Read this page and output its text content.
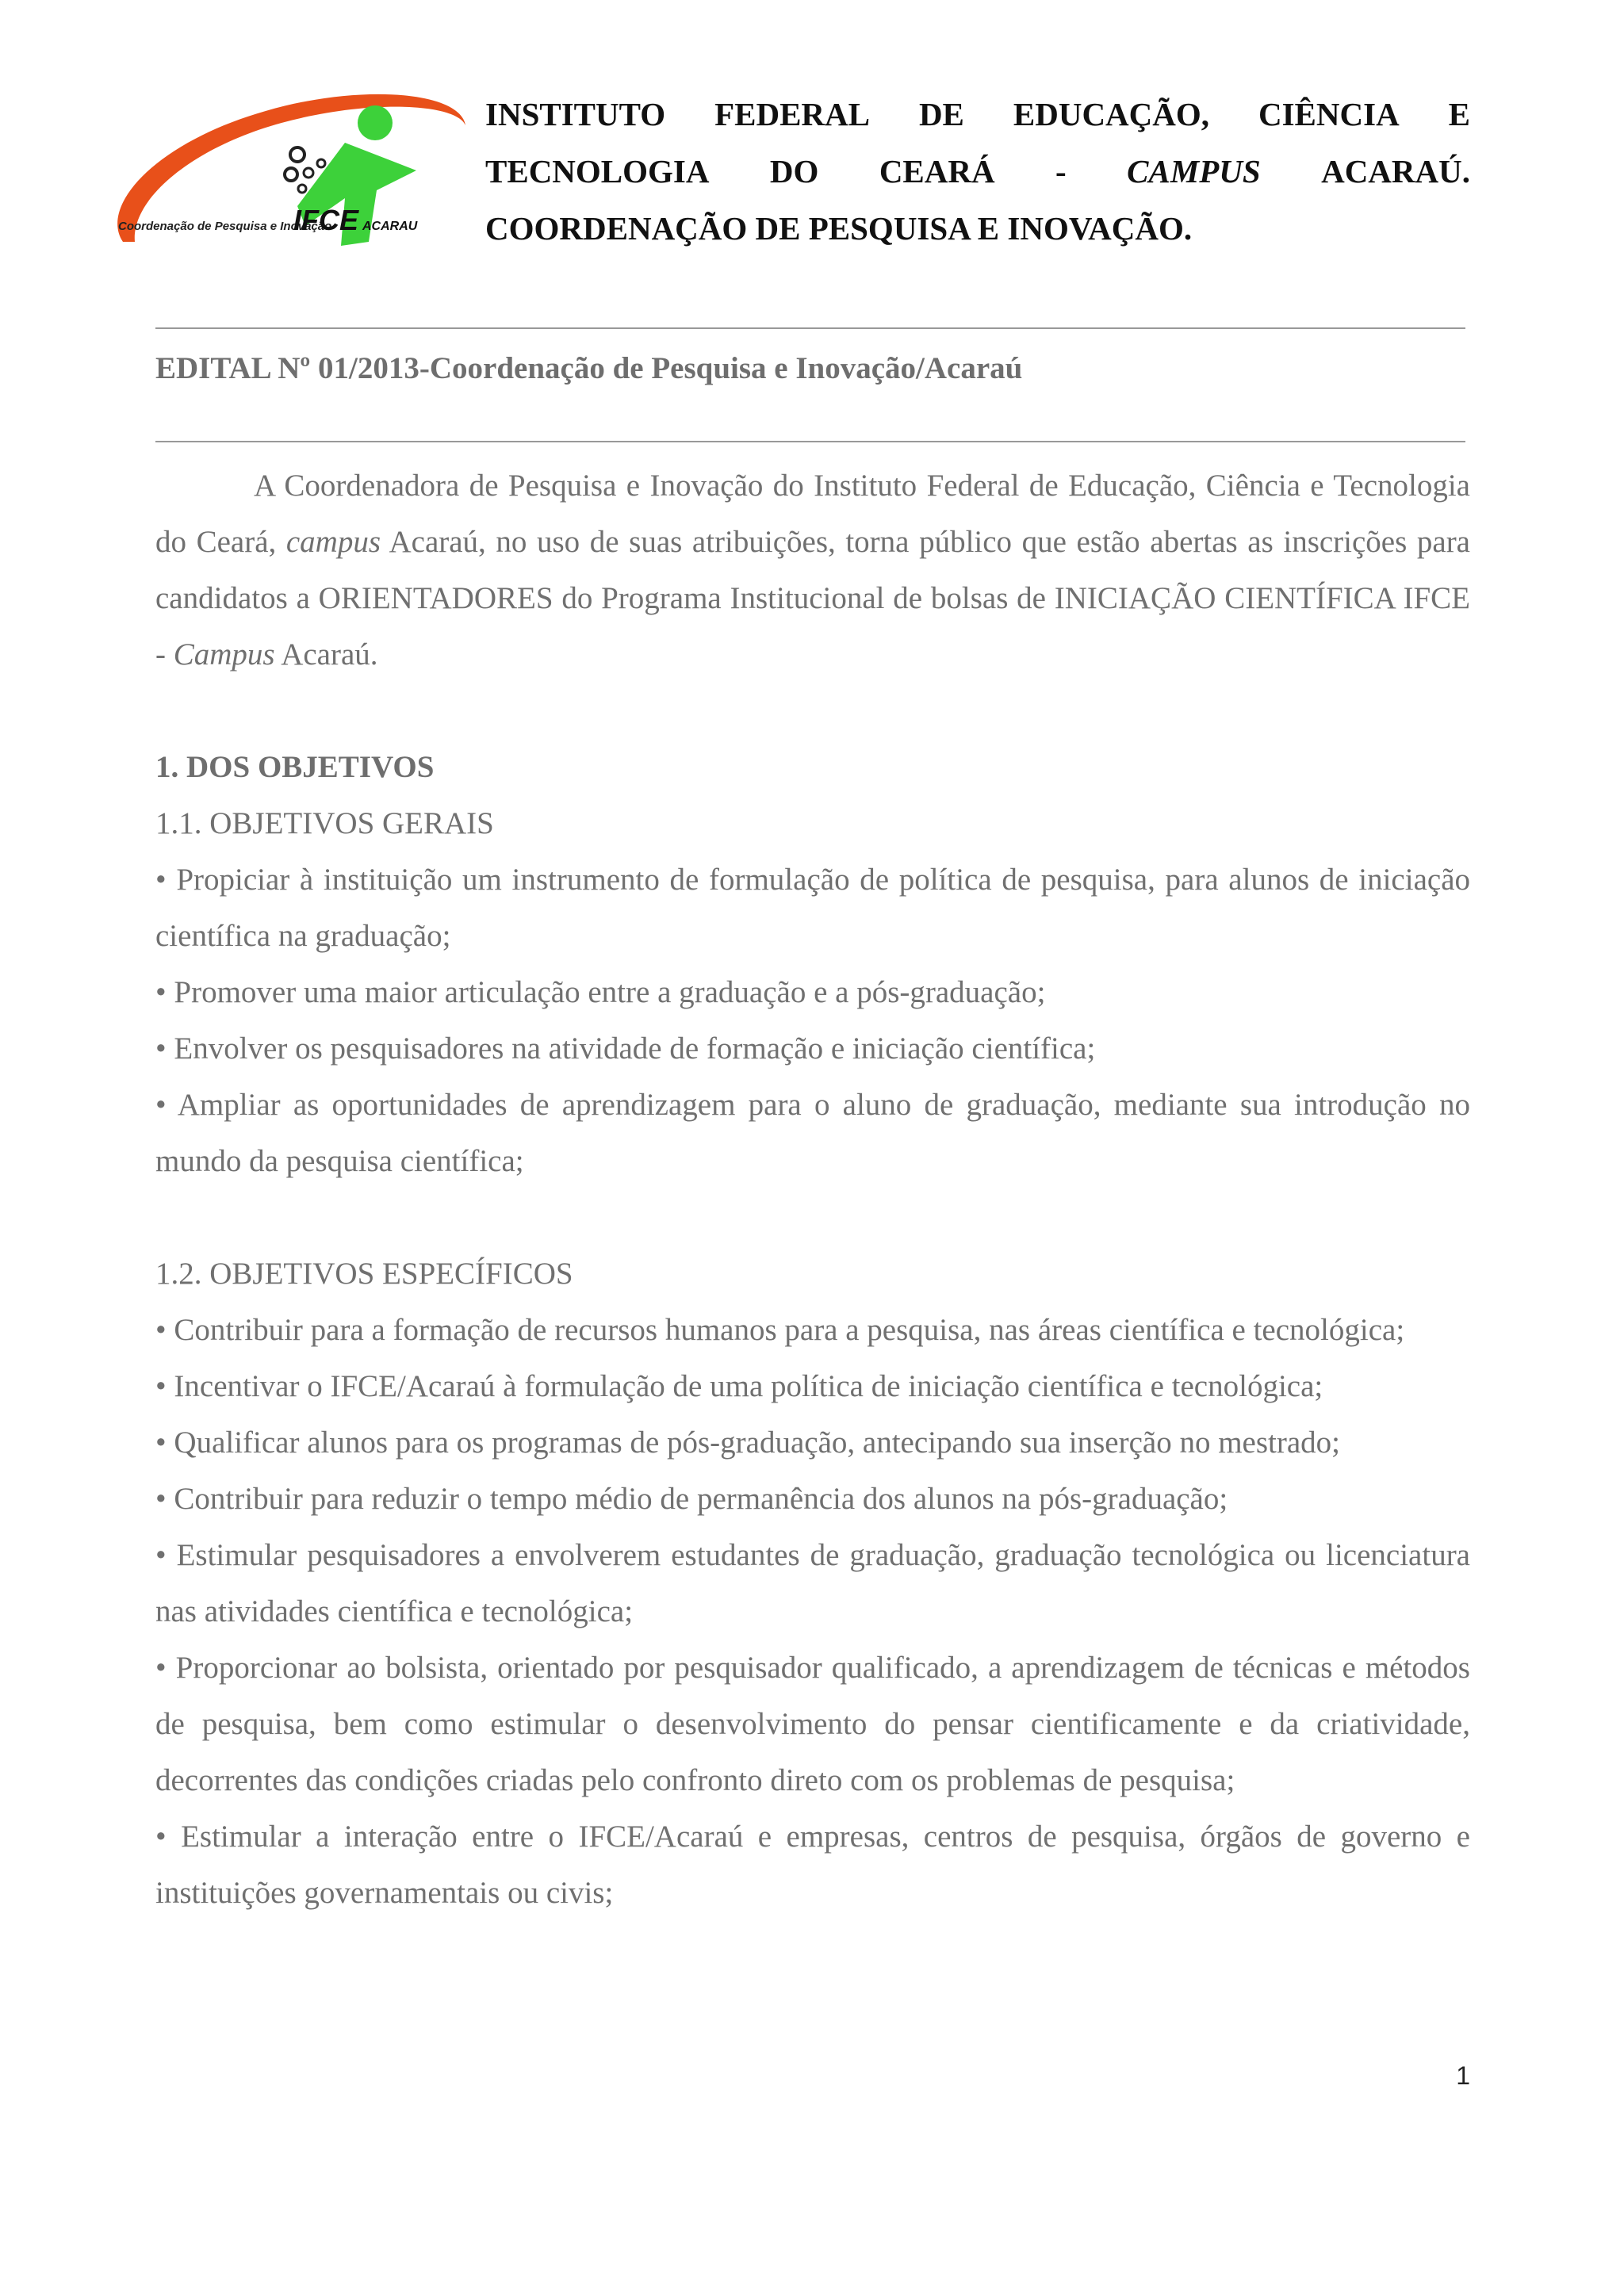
Coordenação de Pesquisa e Inovação
IFCE ACARAU
INSTITUTO FEDERAL DE EDUCAÇÃO, CIÊNCIA E
TECNOLOGIA DO CEARÁ - CAMPUS ACARAÚ.
COORDENAÇÃO DE PESQUISA E INOVAÇÃO.
EDITAL Nº 01/2013-Coordenação de Pesquisa e Inovação/Acaraú
A Coordenadora de Pesquisa e Inovação do Instituto Federal de Educação, Ciência e Tecnologia do Ceará, campus Acaraú, no uso de suas atribuições, torna público que estão abertas as inscrições para candidatos a ORIENTADORES do Programa Institucional de bolsas de INICIAÇÃO CIENTÍFICA IFCE - Campus Acaraú.

1. DOS OBJETIVOS

1.1. OBJETIVOS GERAIS

• Propiciar à instituição um instrumento de formulação de política de pesquisa, para alunos de iniciação científica na graduação;

• Promover uma maior articulação entre a graduação e a pós-graduação;

• Envolver os pesquisadores na atividade de formação e iniciação científica;

• Ampliar as oportunidades de aprendizagem para o aluno de graduação, mediante sua introdução no mundo da pesquisa científica;

1.2. OBJETIVOS ESPECÍFICOS

• Contribuir para a formação de recursos humanos para a pesquisa, nas áreas científica e tecnológica;

• Incentivar o IFCE/Acaraú à formulação de uma política de iniciação científica e tecnológica;

• Qualificar alunos para os programas de pós-graduação, antecipando sua inserção no mestrado;

• Contribuir para reduzir o tempo médio de permanência dos alunos na pós-graduação;

• Estimular pesquisadores a envolverem estudantes de graduação, graduação tecnológica ou licenciatura nas atividades científica e tecnológica;

• Proporcionar ao bolsista, orientado por pesquisador qualificado, a aprendizagem de técnicas e métodos de pesquisa, bem como estimular o desenvolvimento do pensar cientificamente e da criatividade, decorrentes das condições criadas pelo confronto direto com os problemas de pesquisa;

• Estimular a interação entre o IFCE/Acaraú e empresas, centros de pesquisa, órgãos de governo e instituições governamentais ou civis;

1
